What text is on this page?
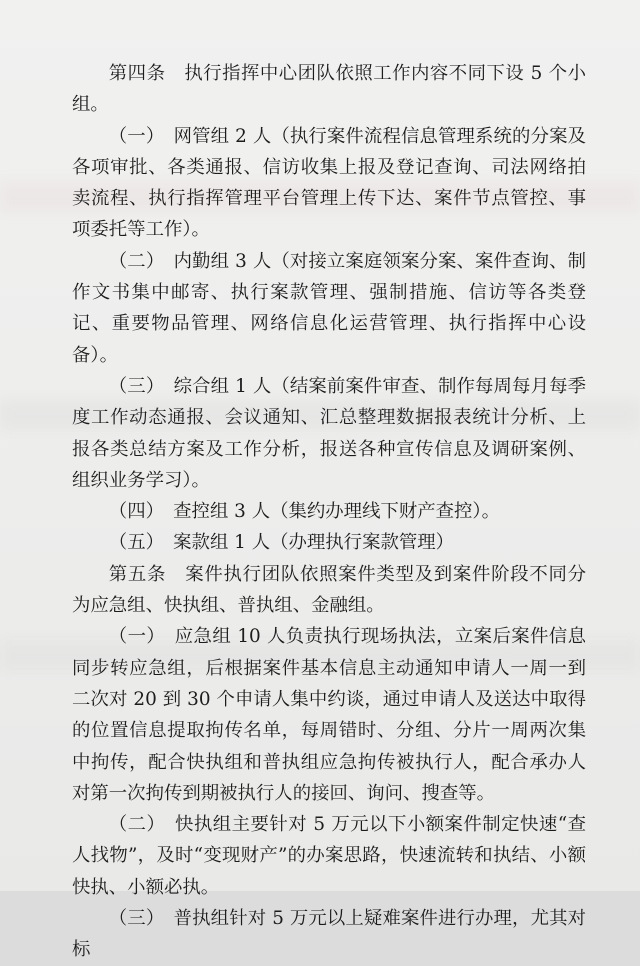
第四条　执行指挥中心团队依照工作内容不同下设 5 个小组。

（一）　网管组 2 人（执行案件流程信息管理系统的分案及各项审批、各类通报、信访收集上报及登记查询、司法网络拍卖流程、执行指挥管理平台管理上传下达、案件节点管控、事项委托等工作）。

（二）　内勤组 3 人（对接立案庭领案分案、案件查询、制作文书集中邮寄、执行案款管理、强制措施、信访等各类登记、重要物品管理、网络信息化运营管理、执行指挥中心设备）。

（三）　综合组 1 人（结案前案件审查、制作每周每月每季度工作动态通报、会议通知、汇总整理数据报表统计分析、上报各类总结方案及工作分析，报送各种宣传信息及调研案例、组织业务学习）。

（四）　查控组 3 人（集约办理线下财产查控）。

（五）　案款组 1 人（办理执行案款管理）

第五条　案件执行团队依照案件类型及到案件阶段不同分为应急组、快执组、普执组、金融组。

（一）　应急组 10 人负责执行现场执法，立案后案件信息同步转应急组，后根据案件基本信息主动通知申请人一周一到二次对 20 到 30 个申请人集中约谈，通过申请人及送达中取得的位置信息提取拘传名单，每周错时、分组、分片一周两次集中拘传，配合快执组和普执组应急拘传被执行人，配合承办人对第一次拘传到期被执行人的接回、询问、搜查等。

（二）　快执组主要针对 5 万元以下小额案件制定快速“查人找物”，及时“变现财产”的办案思路，快速流转和执结、小额快执、小额必执。

（三）　普执组针对 5 万元以上疑难案件进行办理，尤其对标
